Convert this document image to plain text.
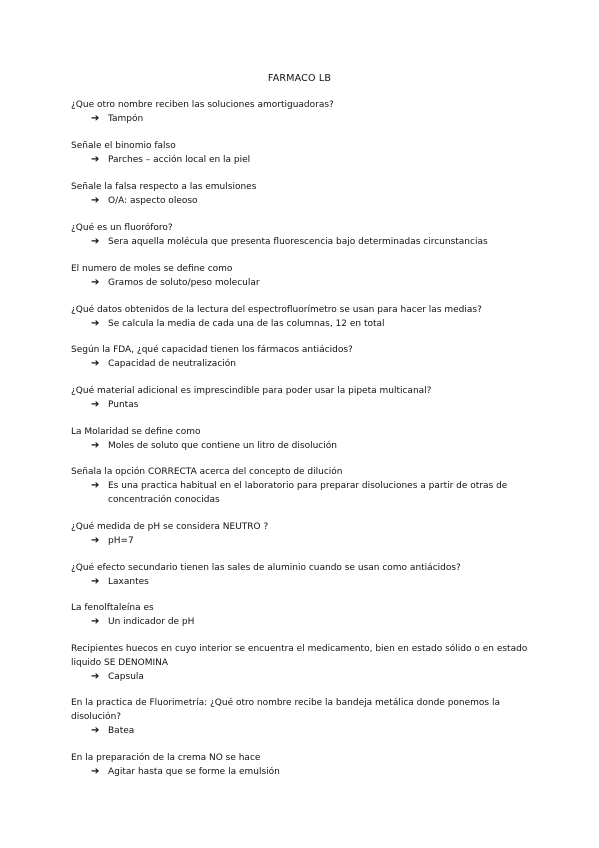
FARMACO LB
¿Que otro nombre reciben las soluciones amortiguadoras?
➔ Tampón
Señale el binomio falso
➔ Parches – acción local en la piel
Señale la falsa respecto a las emulsiones
➔ O/A: aspecto oleoso
¿Qué es un fluoróforo?
➔ Sera aquella molécula que presenta fluorescencia bajo determinadas circunstancias
El numero de moles se define como
➔ Gramos de soluto/peso molecular
¿Qué datos obtenidos de la lectura del espectrofluorímetro se usan para hacer las medias?
➔ Se calcula la media de cada una de las columnas, 12 en total
Según la FDA, ¿qué capacidad tienen los fármacos antiácidos?
➔ Capacidad de neutralización
¿Qué material adicional es imprescindible para poder usar la pipeta multicanal?
➔ Puntas
La Molaridad se define como
➔ Moles de soluto que contiene un litro de disolución
Señala la opción CORRECTA acerca del concepto de dilución
➔ Es una practica habitual en el laboratorio para preparar disoluciones a partir de otras de concentración conocidas
¿Qué medida de pH se considera NEUTRO ?
➔ pH=7
¿Qué efecto secundario tienen las sales de aluminio cuando se usan como antiácidos?
➔ Laxantes
La fenolftaleína es
➔ Un indicador de pH
Recipientes huecos en cuyo interior se encuentra el medicamento, bien en estado sólido o en estado liquido SE DENOMINA
➔ Capsula
En la practica de Fluorimetría: ¿Qué otro nombre recibe la bandeja metálica donde ponemos la disolución?
➔ Batea
En la preparación de la crema NO se hace
➔ Agitar hasta que se forme la emulsión
